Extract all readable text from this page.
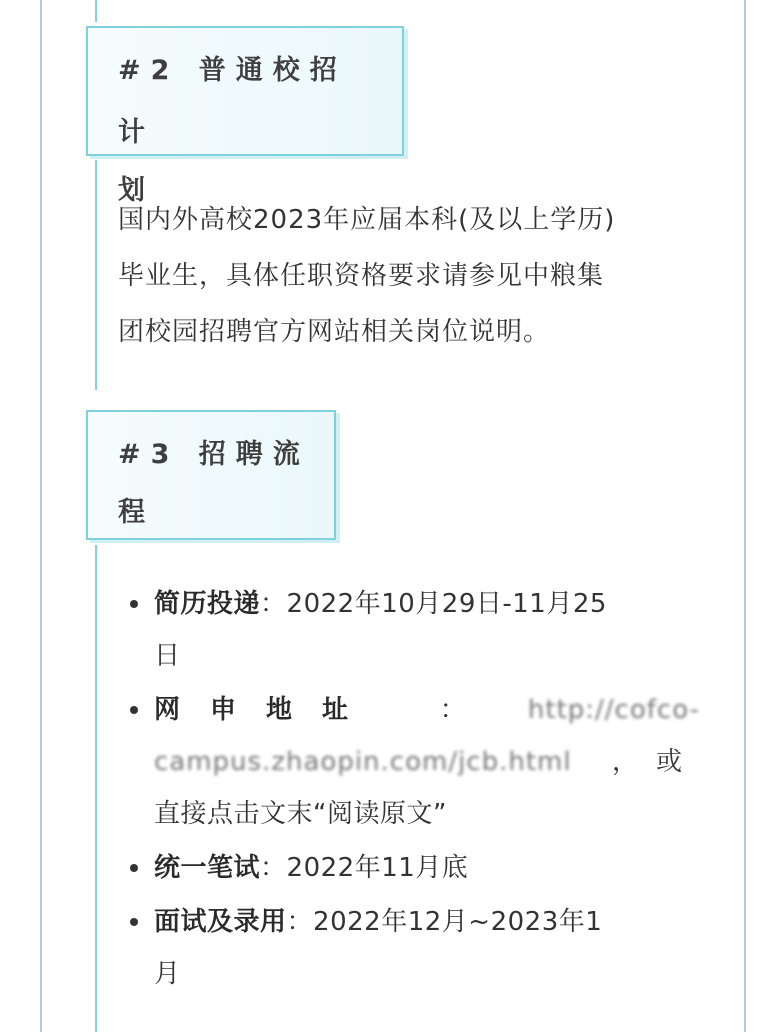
#2 普通校招计

划

国内外高校2023年应届本科(及以上学历)

毕业生，具体任职资格要求请参见中粮集

团校园招聘官方网站相关岗位说明。

#3 招聘流

程

简历投递：2022年10月29日-11月25
日
网申地址 ： http://cofco-
campus.zhaopin.com/jcb.html ，或
直接点击文末“阅读原文”
统一笔试：2022年11月底
面试及录用：2022年12月~2023年1
月
